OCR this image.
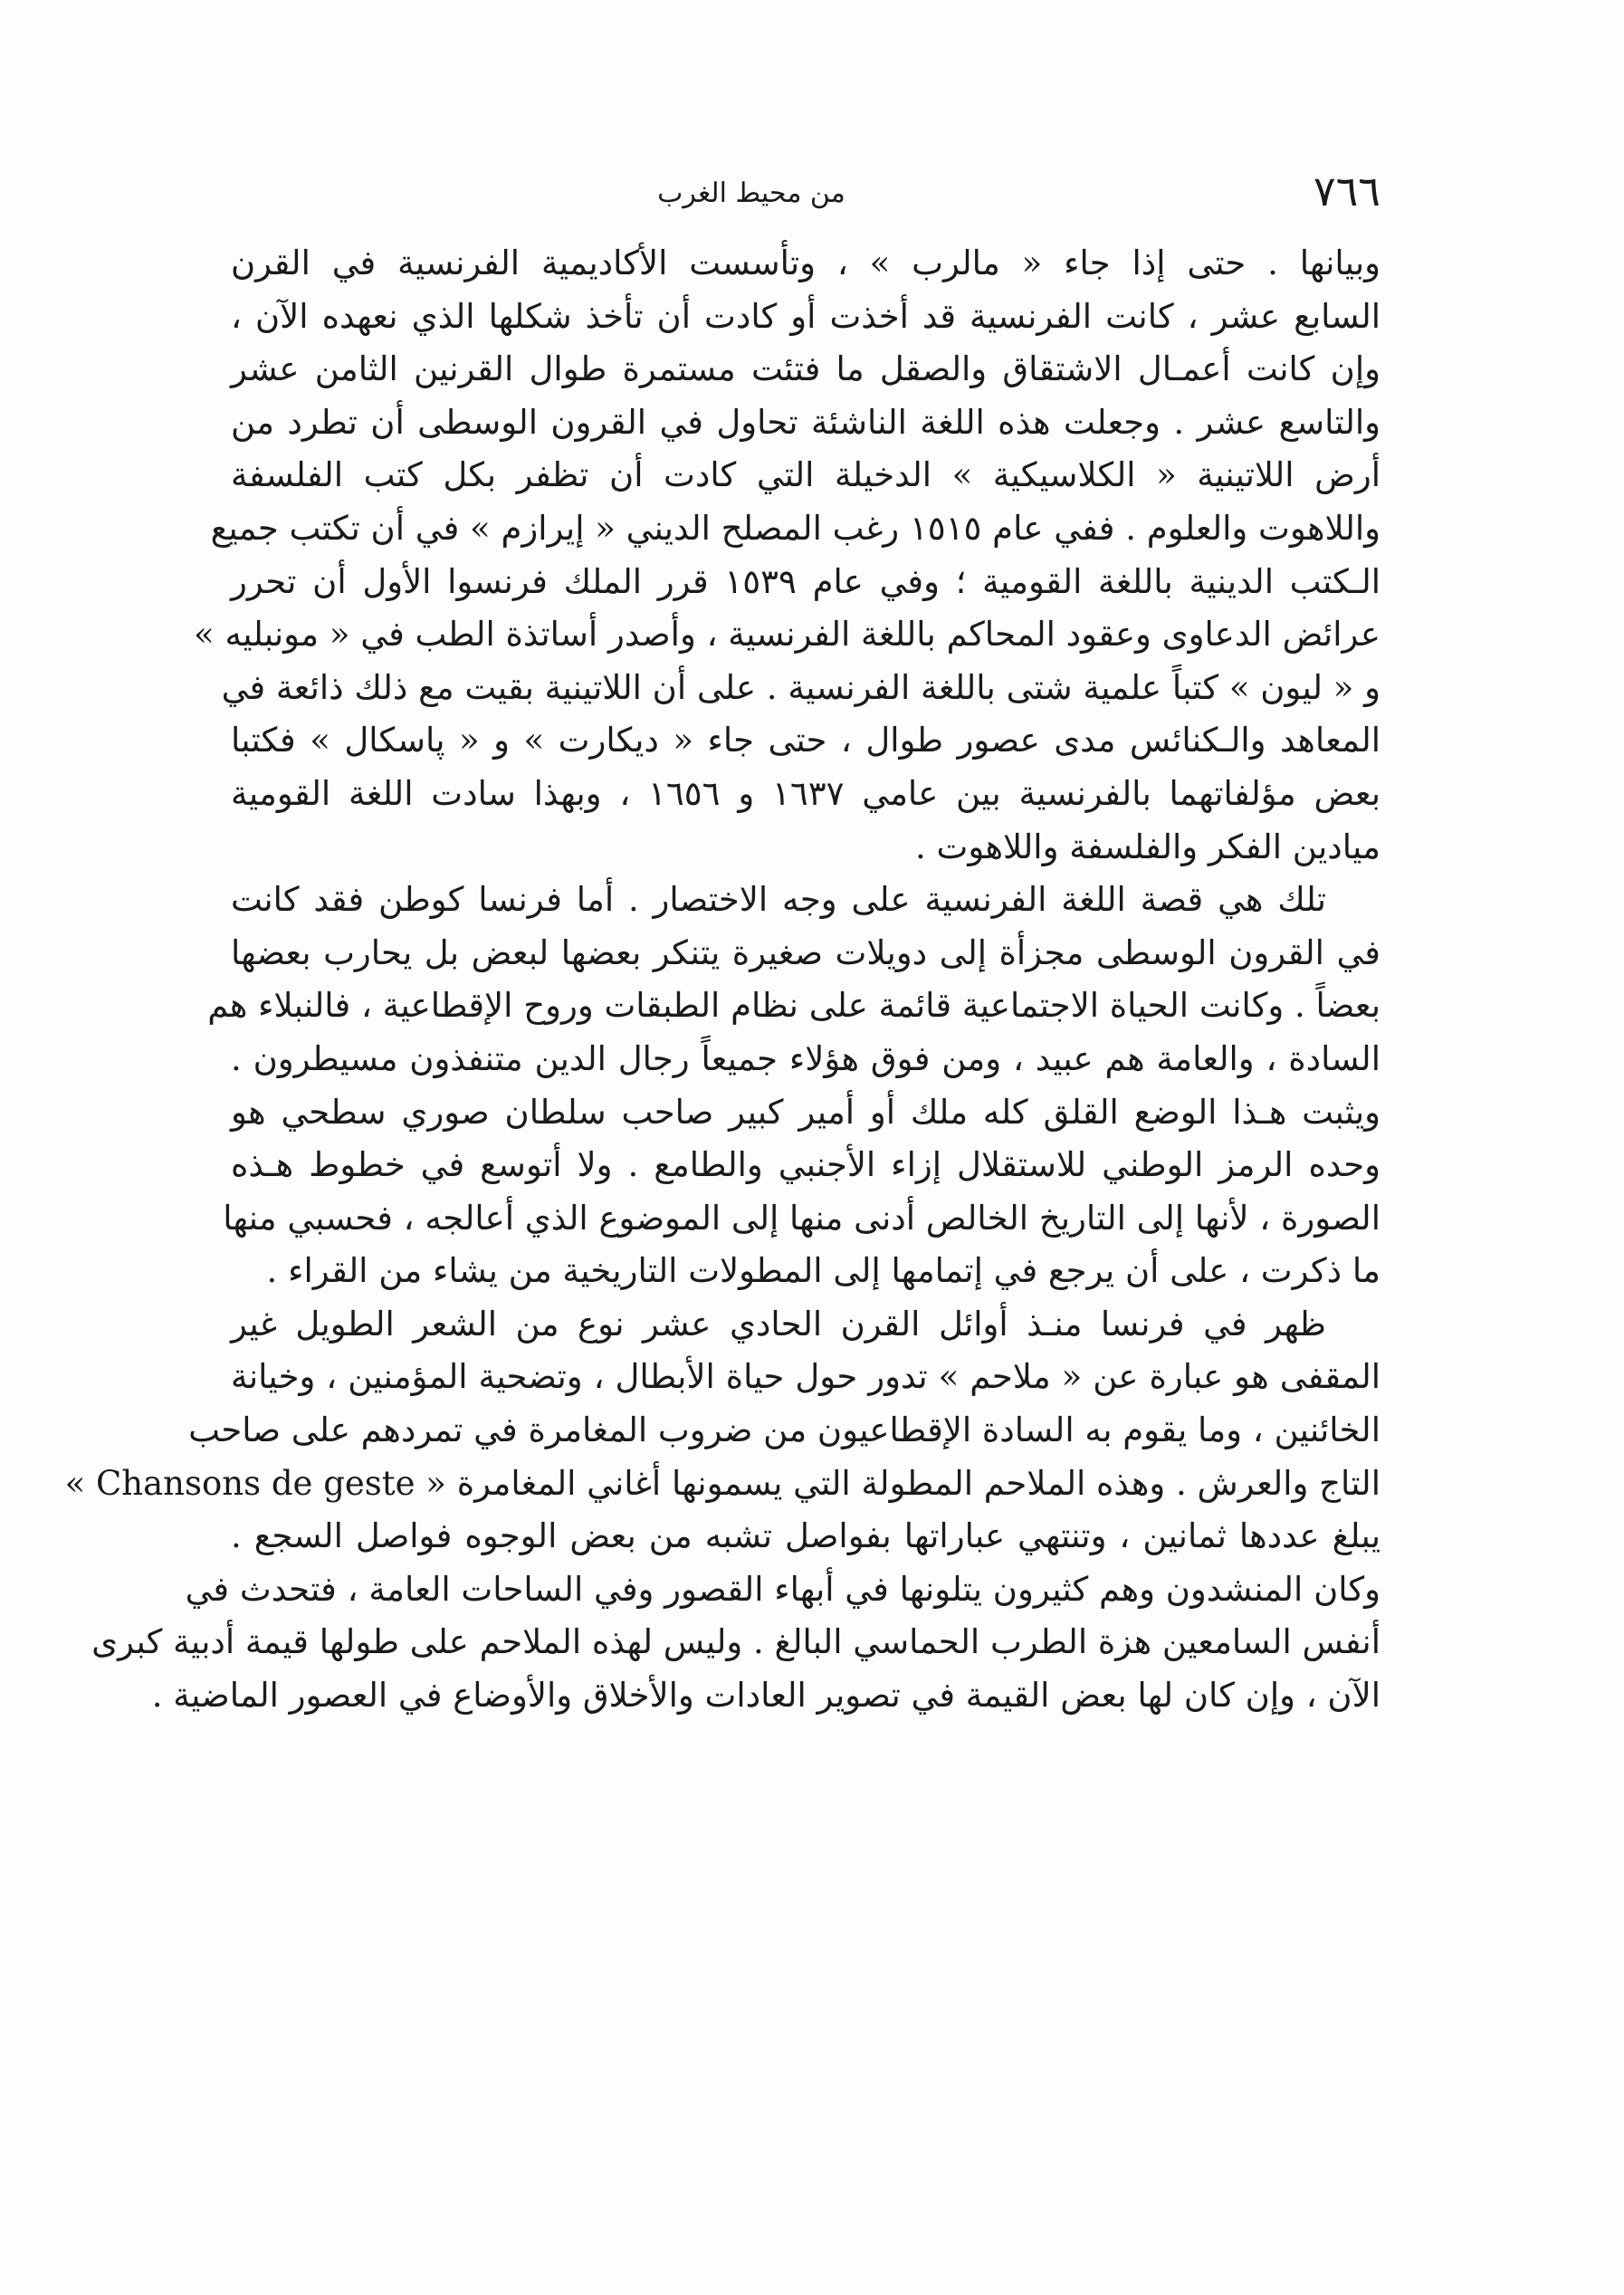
٧٦٦
من محيط الغرب
وبيانها . حتى إذا جاء « مالرب » ، وتأسست الأكاديمية الفرنسية في القرن
السابع عشر ، كانت الفرنسية قد أخذت أو كادت أن تأخذ شكلها الذي نعهده الآن ،
وإن كانت أعمـال الاشتقاق والصقل ما فتئت مستمرة طوال القرنين الثامن عشر
والتاسع عشر . وجعلت هذه اللغة الناشئة تحاول في القرون الوسطى أن تطرد من
أرض اللاتينية « الكلاسيكية » الدخيلة التي كادت أن تظفر بكل كتب الفلسفة
واللاهوت والعلوم . ففي عام ١٥١٥ رغب المصلح الديني « إيرازم » في أن تكتب جميع
الـكتب الدينية باللغة القومية ؛ وفي عام ١٥٣٩ قرر الملك فرنسوا الأول أن تحرر
عرائض الدعاوى وعقود المحاكم باللغة الفرنسية ، وأصدر أساتذة الطب في « مونبليه »
و « ليون » كتباً علمية شتى باللغة الفرنسية . على أن اللاتينية بقيت مع ذلك ذائعة في
المعاهد والـكنائس مدى عصور طوال ، حتى جاء « ديكارت » و « پاسكال » فكتبا
بعض مؤلفاتهما بالفرنسية بين عامي ١٦٣٧ و ١٦٥٦ ، وبهذا سادت اللغة القومية
ميادين الفكر والفلسفة واللاهوت .
تلك هي قصة اللغة الفرنسية على وجه الاختصار . أما فرنسا كوطن فقد كانت
في القرون الوسطى مجزأة إلى دويلات صغيرة يتنكر بعضها لبعض بل يحارب بعضها
بعضاً . وكانت الحياة الاجتماعية قائمة على نظام الطبقات وروح الإقطاعية ، فالنبلاء هم
السادة ، والعامة هم عبيد ، ومن فوق هؤلاء جميعاً رجال الدين متنفذون مسيطرون .
ويثبت هـذا الوضع القلق كله ملك أو أمير كبير صاحب سلطان صوري سطحي هو
وحده الرمز الوطني للاستقلال إزاء الأجنبي والطامع . ولا أتوسع في خطوط هـذه
الصورة ، لأنها إلى التاريخ الخالص أدنى منها إلى الموضوع الذي أعالجه ، فحسبي منها
ما ذكرت ، على أن يرجع في إتمامها إلى المطولات التاريخية من يشاء من القراء .
ظهر في فرنسا منـذ أوائل القرن الحادي عشر نوع من الشعر الطويل غير
المقفى هو عبارة عن « ملاحم » تدور حول حياة الأبطال ، وتضحية المؤمنين ، وخيانة
الخائنين ، وما يقوم به السادة الإقطاعيون من ضروب المغامرة في تمردهم على صاحب
التاج والعرش . وهذه الملاحم المطولة التي يسمونها أغاني المغامرة « Chansons de geste »
يبلغ عددها ثمانين ، وتنتهي عباراتها بفواصل تشبه من بعض الوجوه فواصل السجع .
وكان المنشدون وهم كثيرون يتلونها في أبهاء القصور وفي الساحات العامة ، فتحدث في
أنفس السامعين هزة الطرب الحماسي البالغ . وليس لهذه الملاحم على طولها قيمة أدبية كبرى
الآن ، وإن كان لها بعض القيمة في تصوير العادات والأخلاق والأوضاع في العصور الماضية .
